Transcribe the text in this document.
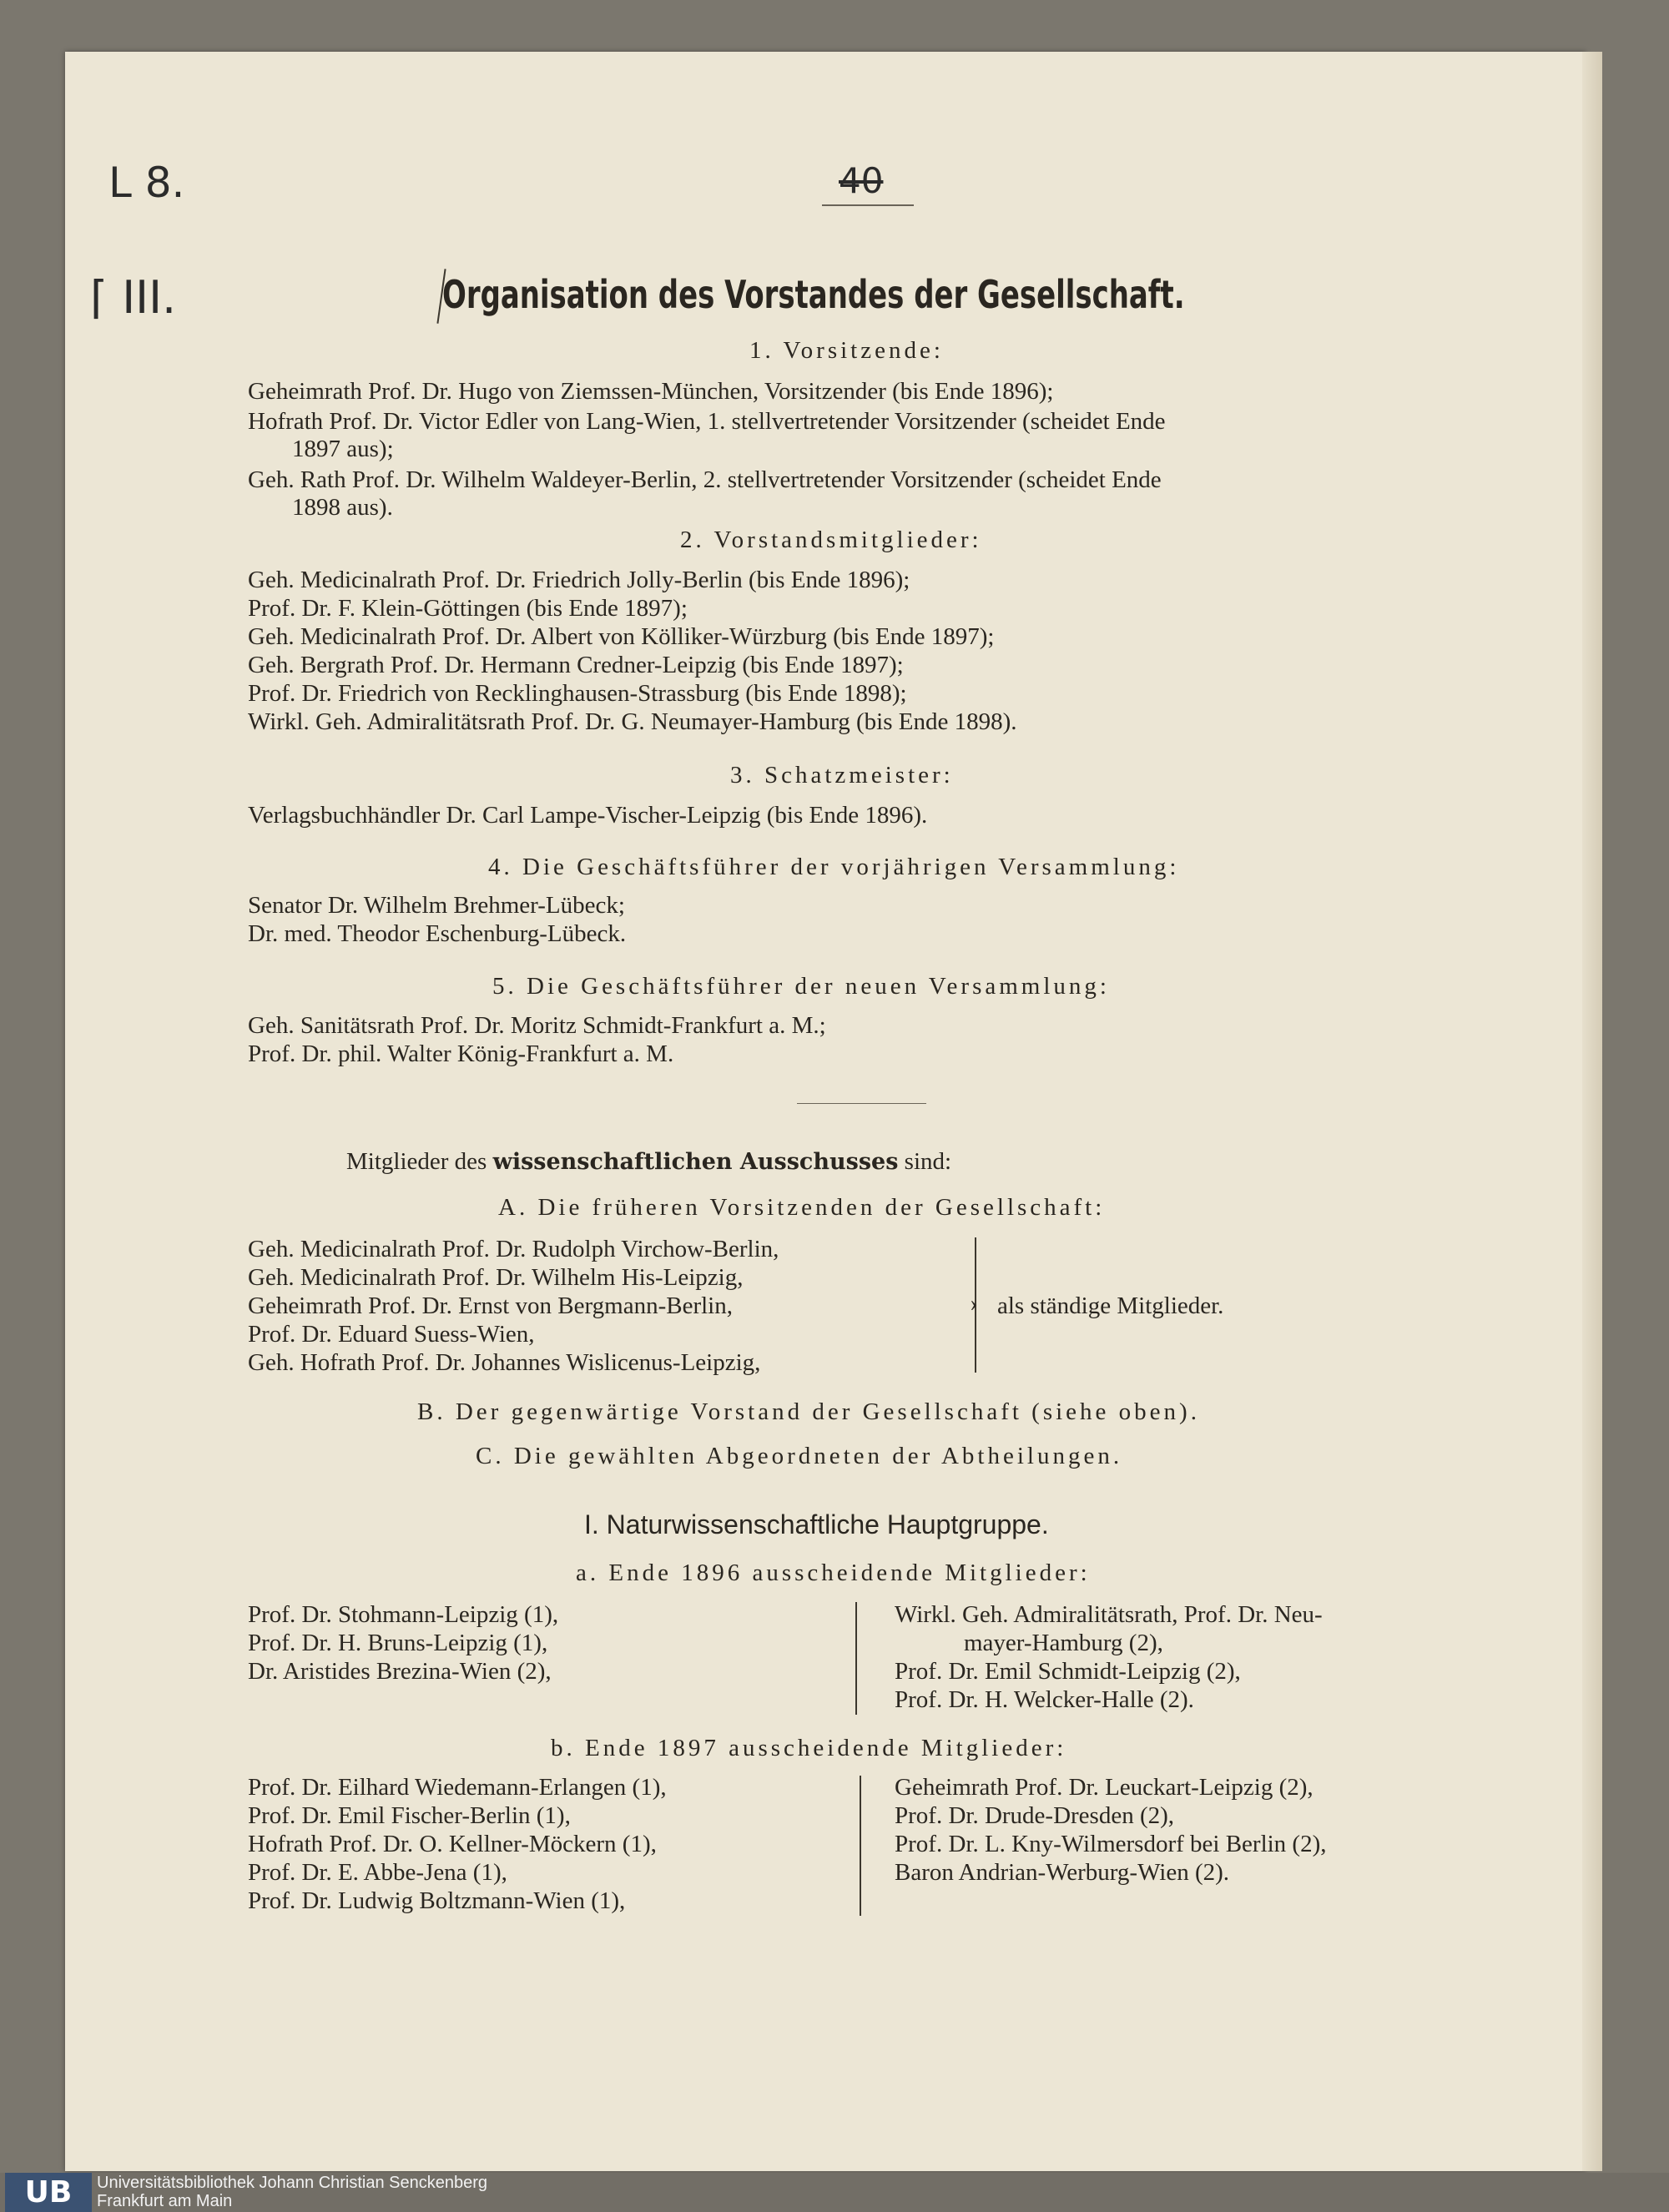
L 8.
⌈ III.
40
Organisation des Vorstandes der Gesellschaft.
1. Vorsitzende:
Geheimrath Prof. Dr. Hugo von Ziemssen-München, Vorsitzender (bis Ende 1896);
Hofrath Prof. Dr. Victor Edler von Lang-Wien, 1. stellvertretender Vorsitzender (scheidet Ende
1897 aus);
Geh. Rath Prof. Dr. Wilhelm Waldeyer-Berlin, 2. stellvertretender Vorsitzender (scheidet Ende
1898 aus).
2. Vorstandsmitglieder:
Geh. Medicinalrath Prof. Dr. Friedrich Jolly-Berlin (bis Ende 1896);
Prof. Dr. F. Klein-Göttingen (bis Ende 1897);
Geh. Medicinalrath Prof. Dr. Albert von Kölliker-Würzburg (bis Ende 1897);
Geh. Bergrath Prof. Dr. Hermann Credner-Leipzig (bis Ende 1897);
Prof. Dr. Friedrich von Recklinghausen-Strassburg (bis Ende 1898);
Wirkl. Geh. Admiralitätsrath Prof. Dr. G. Neumayer-Hamburg (bis Ende 1898).
3. Schatzmeister:
Verlagsbuchhändler Dr. Carl Lampe-Vischer-Leipzig (bis Ende 1896).
4. Die Geschäftsführer der vorjährigen Versammlung:
Senator Dr. Wilhelm Brehmer-Lübeck;
Dr. med. Theodor Eschenburg-Lübeck.
5. Die Geschäftsführer der neuen Versammlung:
Geh. Sanitätsrath Prof. Dr. Moritz Schmidt-Frankfurt a. M.;
Prof. Dr. phil. Walter König-Frankfurt a. M.
Mitglieder des wissenschaftlichen Ausschusses sind:
A. Die früheren Vorsitzenden der Gesellschaft:
Geh. Medicinalrath Prof. Dr. Rudolph Virchow-Berlin,
Geh. Medicinalrath Prof. Dr. Wilhelm His-Leipzig,
Geheimrath Prof. Dr. Ernst von Bergmann-Berlin,
Prof. Dr. Eduard Suess-Wien,
Geh. Hofrath Prof. Dr. Johannes Wislicenus-Leipzig,
› als ständige Mitglieder.
B. Der gegenwärtige Vorstand der Gesellschaft (siehe oben).
C. Die gewählten Abgeordneten der Abtheilungen.
I. Naturwissenschaftliche Hauptgruppe.
a. Ende 1896 ausscheidende Mitglieder:
Prof. Dr. Stohmann-Leipzig (1),
Prof. Dr. H. Bruns-Leipzig (1),
Dr. Aristides Brezina-Wien (2),
Wirkl. Geh. Admiralitätsrath, Prof. Dr. Neu-
mayer-Hamburg (2),
Prof. Dr. Emil Schmidt-Leipzig (2),
Prof. Dr. H. Welcker-Halle (2).
b. Ende 1897 ausscheidende Mitglieder:
Prof. Dr. Eilhard Wiedemann-Erlangen (1),
Prof. Dr. Emil Fischer-Berlin (1),
Hofrath Prof. Dr. O. Kellner-Möckern (1),
Prof. Dr. E. Abbe-Jena (1),
Prof. Dr. Ludwig Boltzmann-Wien (1),
Geheimrath Prof. Dr. Leuckart-Leipzig (2),
Prof. Dr. Drude-Dresden (2),
Prof. Dr. L. Kny-Wilmersdorf bei Berlin (2),
Baron Andrian-Werburg-Wien (2).
UB	Universitätsbibliothek Johann Christian Senckenberg
Frankfurt am Main
